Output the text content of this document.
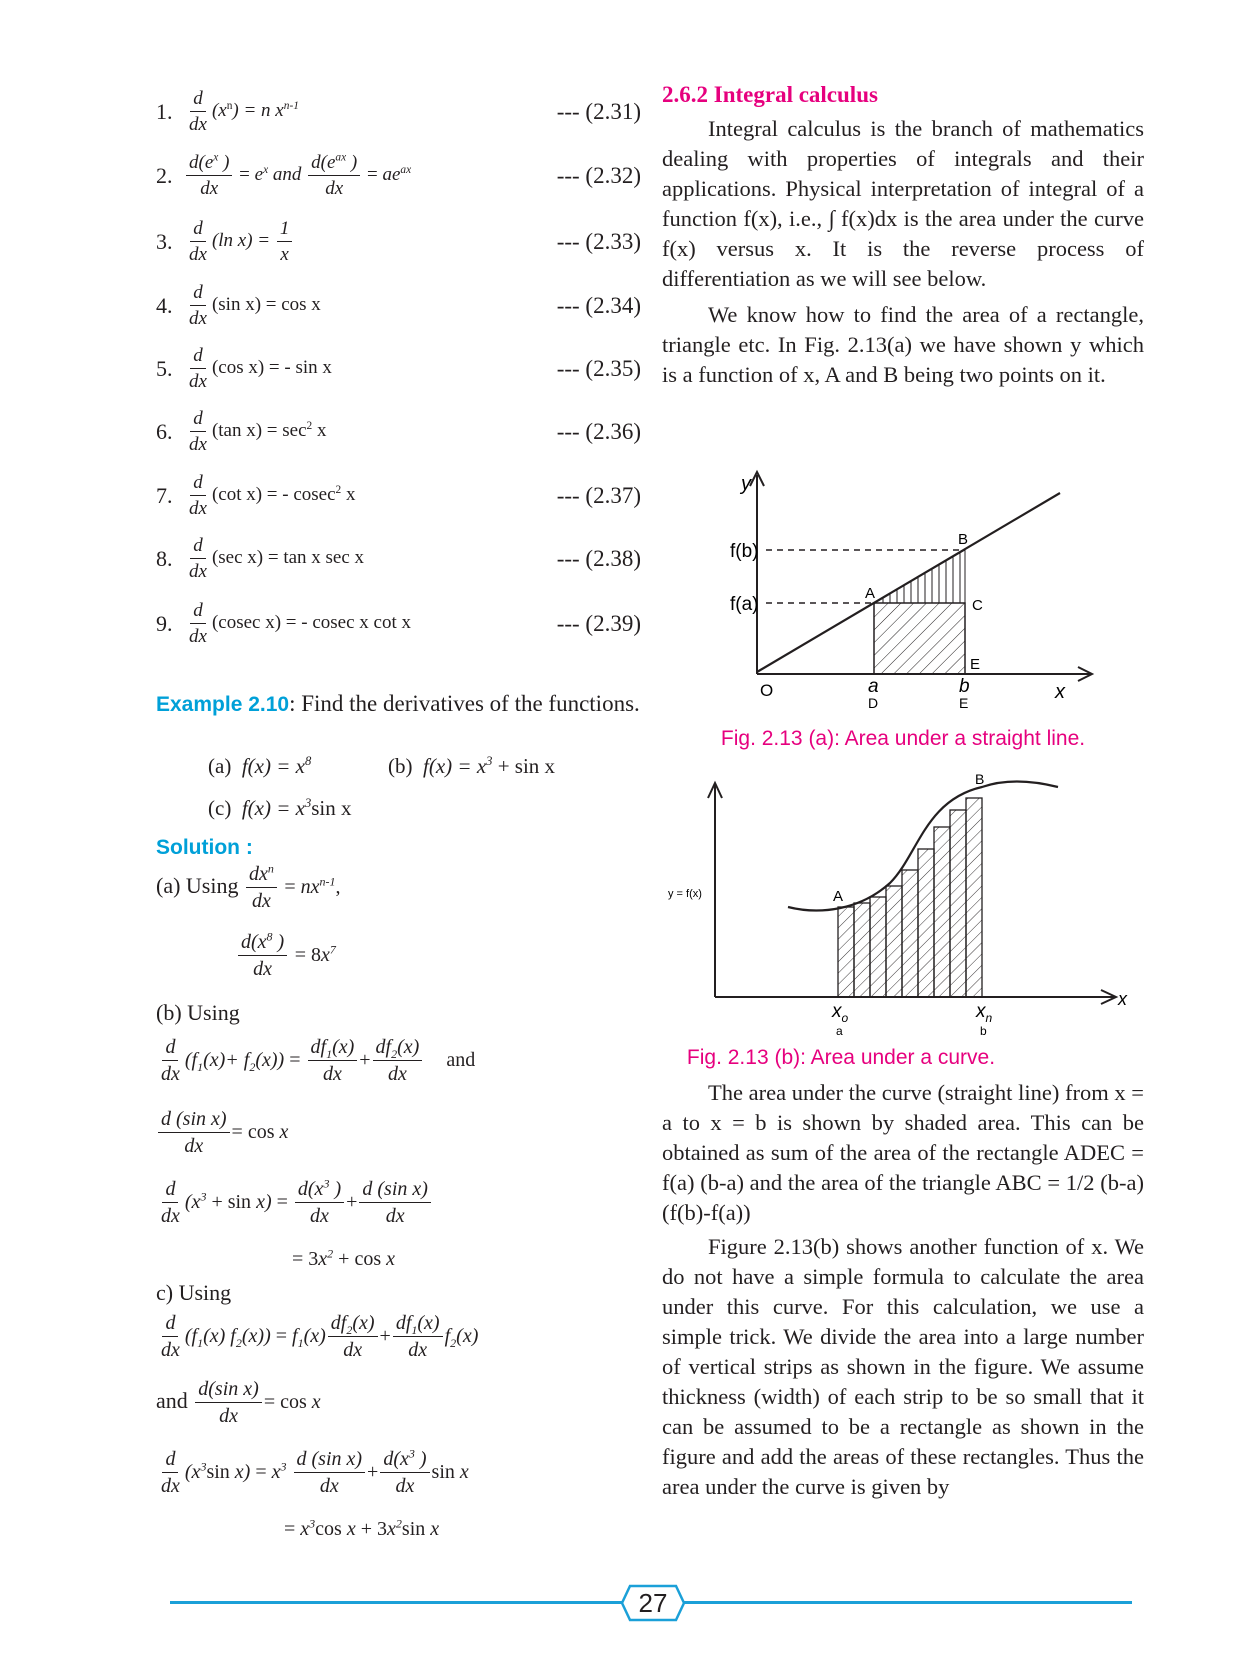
1. $\frac{d}{dx} (x^n) = n$ $x^{n-1}$	--- (2.31)
2. $\frac{d(e^x )}{dx} = e^x$ and $\frac{d(e^{ax} )}{dx} = ae^{ax}$	--- (2.32)
3. $\frac{d}{dx} (\ln$ $x) = \frac{1}{x}$	--- (2.33)
4. $\frac{d}{dx} (\sin$ x) = cos x	--- (2.34)
5. $\frac{d}{dx} (\cos$ x) = - sin x	--- (2.35)
6. $\frac{d}{dx} (\tan$ $x) = \sec^2 x$	--- (2.36)
7. $\frac{d}{dx} (\cot$ x) = - cosec$^2$ x	--- (2.37)
8. $\frac{d}{dx} (\sec$ x) = tan x sec x	--- (2.38)
9. $\frac{d}{dx} (cosec$ x) = - cosec x cot x	--- (2.39)
Example 2.10: Find the derivatives of the functions.
(a) $f(x) = x^8$	(b) $f(x) = x^3 + \sin x$
(c) $f(x) = x^3\sin$ x
Solution :
(a) Using $\frac{dx^n}{dx} = nx^{n-1}$,
$\frac{d(x^8 )}{dx} = 8x^7$
(b) Using
$\frac{d}{dx} (f_1(x)+ f_2(x)) = \frac{df_1(x)}{dx} + \frac{df_2(x)}{dx}$ and
$\frac{\text{d (sin x)}}{dx} = \cos x$
$\frac{d}{dx} (x^3 + \sin x) = \frac{d(x^3 )}{dx} + \frac{\text{d (sin x)}}{dx}$
= $3x^2 + \cos x$
c) Using
$\frac{d}{dx} (f_1(x) f_2(x)) = f_1(x) \frac{df_2(x)}{dx} + \frac{df_1(x)}{dx} f_2(x)$
and $\frac{\text{d(sin x)}}{dx} = \cos x$
$\frac{d}{dx} (x^3\sin$ $x) = x^3 \frac{\text{d (sin x)}}{dx} + \frac{d(x^3 )}{dx}$ sin x
= $x^3\cos$ $x + 3x^2\sin$ x
2.6.2 Integral calculus

Integral calculus is the branch of mathematics dealing with properties of integrals and their applications. Physical interpretation of integral of a function f(x), i.e., ∫ f(x)dx is the area under the curve f(x) versus x. It is the reverse process of differentiation as we will see below.

We know how to find the area of a rectangle, triangle etc. In Fig. 2.13(a) we have shown y which is a function of x, A and B being two points on it.

y
f(b)
f(a)
O
A
B
C
E
a
D
b
E	x
Fig. 2.13 (a): Area under a straight line.
y = f(x)	A
B
x
$x_o$
a
$x_n$
b
Fig. 2.13 (b): Area under a curve.

The area under the curve (straight line) from x = a to x = b is shown by shaded area. This can be obtained as sum of the area of the rectangle ADEC = f(a) (b-a) and the area of the triangle ABC = 1/2 (b-a) (f(b)-f(a))

Figure 2.13(b) shows another function of x. We do not have a simple formula to calculate the area under this curve. For this calculation, we use a simple trick. We divide the area into a large number of vertical strips as shown in the figure. We assume thickness (width) of each strip to be so small that it can be assumed to be a rectangle as shown in the figure and add the areas of these rectangles. Thus the area under the curve is given by

27
